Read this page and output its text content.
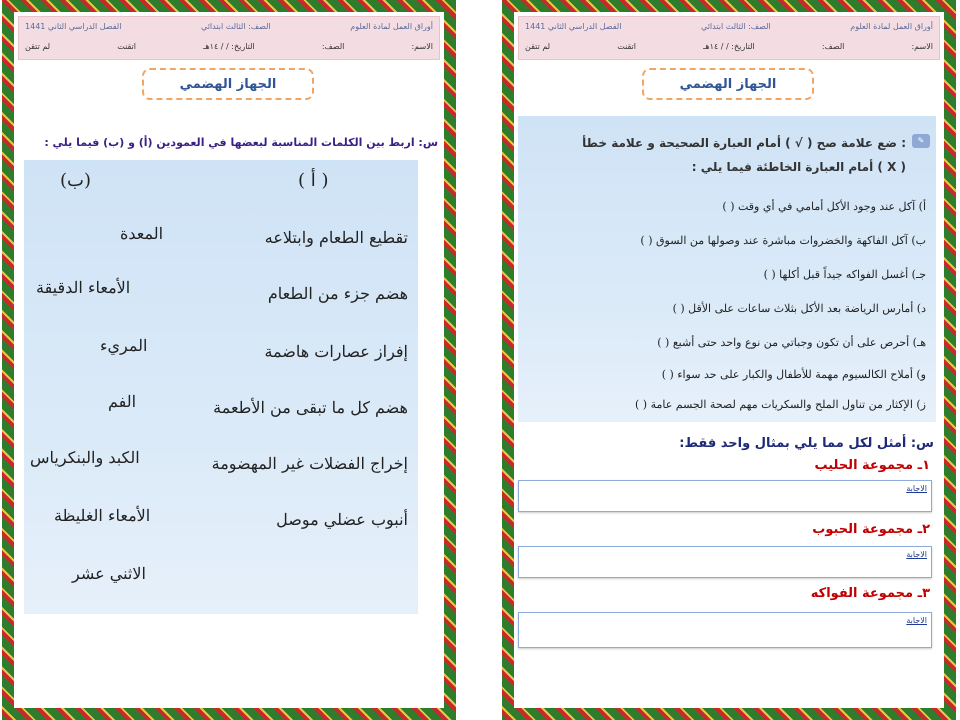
أوراق العمل لمادة العلوم
الصف: الثالث ابتدائي
الفصل الدراسي الثاني 1441
الاسم:
الصف:
التاريخ: / / ١٤هـ
اتقنت
لم تتقن
الجهاز الهضمي
س: اربط بين الكلمات المناسبة لبعضها في العمودين (أ) و (ب) فيما يلي :
( أ )
(ب)
تقطيع الطعام وابتلاعه
هضم جزء من الطعام
إفراز عصارات هاضمة
هضم كل ما تبقى من الأطعمة
إخراج الفضلات غير المهضومة
أنبوب عضلي موصل
المعدة
الأمعاء الدقيقة
المريء
الفم
الكبد والبنكرياس
الأمعاء الغليظة
الاثني عشر
أوراق العمل لمادة العلوم
الصف: الثالث ابتدائي
الفصل الدراسي الثاني 1441
الاسم:
الصف:
التاريخ: / / ١٤هـ
اتقنت
لم تتقن
الجهاز الهضمي
✎
: ضع علامة صح ( √ ) أمام العبارة الصحيحة و علامة خطأ
( X ) أمام العبارة الخاطئة فيما يلي :
أ) آكل عند وجود الأكل أمامي في أي وقت ( )
ب) آكل الفاكهة والخضروات مباشرة عند وصولها من السوق ( )
جـ) أغسل الفواكه جيداً قبل أكلها ( )
د) أمارس الرياضة بعد الأكل بثلاث ساعات على الأقل ( )
هـ) أحرص على أن تكون وجباتي من نوع واحد حتى أشبع ( )
و) أملاح الكالسيوم مهمة للأطفال والكبار على حد سواء ( )
ز) الإكثار من تناول الملح والسكريات مهم لصحة الجسم عامة ( )
س: أمثل لكل مما يلي بمثال واحد فقط:
١ـ مجموعة الحليب
الاجابة
٢ـ مجموعة الحبوب
الاجابة
٣ـ مجموعة الفواكه
الاجابة
